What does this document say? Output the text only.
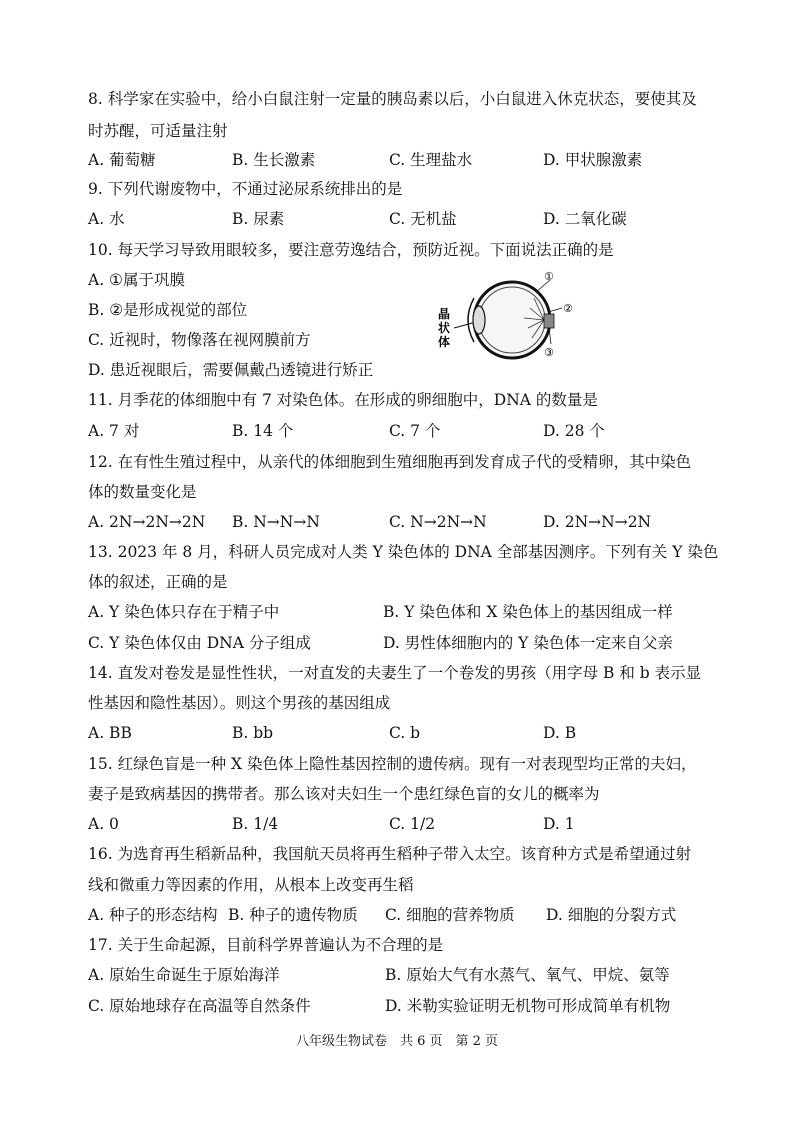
8. 科学家在实验中，给小白鼠注射一定量的胰岛素以后，小白鼠进入休克状态，要使其及
时苏醒，可适量注射
A. 葡萄糖	B. 生长激素	C. 生理盐水	D. 甲状腺激素
9. 下列代谢废物中，不通过泌尿系统排出的是
A. 水	B. 尿素	C. 无机盐	D. 二氧化碳
10. 每天学习导致用眼较多，要注意劳逸结合，预防近视。下面说法正确的是
A. ①属于巩膜
B. ②是形成视觉的部位
C. 近视时，物像落在视网膜前方
D. 患近视眼后，需要佩戴凸透镜进行矫正
晶
状
体
①
②
③
11. 月季花的体细胞中有 7 对染色体。在形成的卵细胞中，DNA 的数量是
A. 7 对	B. 14 个	C. 7 个	D. 28 个
12. 在有性生殖过程中，从亲代的体细胞到生殖细胞再到发育成子代的受精卵，其中染色
体的数量变化是
A. 2N→2N→2N B. N→N→N	C. N→2N→N	D. 2N→N→2N
13. 2023 年 8 月，科研人员完成对人类 Y 染色体的 DNA 全部基因测序。下列有关 Y 染色
体的叙述，正确的是
A. Y 染色体只存在于精子中	B. Y 染色体和 X 染色体上的基因组成一样
C. Y 染色体仅由 DNA 分子组成	D. 男性体细胞内的 Y 染色体一定来自父亲
14. 直发对卷发是显性性状，一对直发的夫妻生了一个卷发的男孩（用字母 B 和 b 表示显
性基因和隐性基因）。则这个男孩的基因组成
A. BB	B. bb	C. b	D. B
15. 红绿色盲是一种 X 染色体上隐性基因控制的遗传病。现有一对表现型均正常的夫妇，
妻子是致病基因的携带者。那么该对夫妇生一个患红绿色盲的女儿的概率为
A. 0	B. 1/4	C. 1/2	D. 1
16. 为选育再生稻新品种，我国航天员将再生稻种子带入太空。该育种方式是希望通过射
线和微重力等因素的作用，从根本上改变再生稻
A. 种子的形态结构 B. 种子的遗传物质 C. 细胞的营养物质 D. 细胞的分裂方式
17. 关于生命起源，目前科学界普遍认为不合理的是
A. 原始生命诞生于原始海洋	B. 原始大气有水蒸气、氧气、甲烷、氨等
C. 原始地球存在高温等自然条件	D. 米勒实验证明无机物可形成简单有机物
八年级生物试卷　共 6 页　第 2 页
